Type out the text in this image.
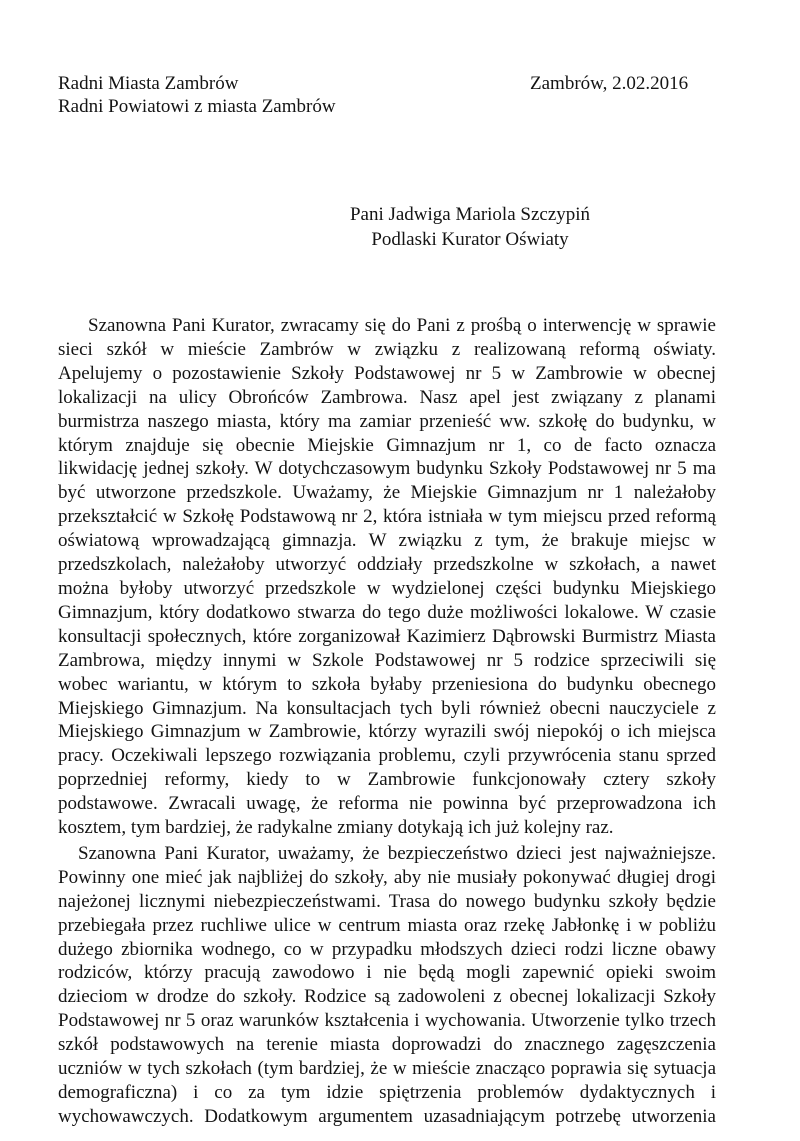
Radni Miasta Zambrów
Radni Powiatowi z miasta Zambrów
Zambrów, 2.02.2016
Pani Jadwiga Mariola Szczypiń
Podlaski Kurator Oświaty
Szanowna Pani Kurator, zwracamy się do Pani z prośbą o interwencję w sprawie
sieci szkół w mieście Zambrów w związku z realizowaną reformą oświaty.
Apelujemy o pozostawienie Szkoły Podstawowej nr 5 w Zambrowie w obecnej
lokalizacji na ulicy Obrońców Zambrowa. Nasz apel jest związany z planami
burmistrza naszego miasta, który ma zamiar przenieść ww. szkołę do budynku, w
którym znajduje się obecnie Miejskie Gimnazjum nr 1, co de facto oznacza
likwidację jednej szkoły. W dotychczasowym budynku Szkoły Podstawowej nr 5 ma
być utworzone przedszkole. Uważamy, że Miejskie Gimnazjum nr 1 należałoby
przekształcić w Szkołę Podstawową nr 2, która istniała w tym miejscu przed reformą
oświatową wprowadzającą gimnazja. W związku z tym, że brakuje miejsc w
przedszkolach, należałoby utworzyć oddziały przedszkolne w szkołach, a nawet
można byłoby utworzyć przedszkole w wydzielonej części budynku Miejskiego
Gimnazjum, który dodatkowo stwarza do tego duże możliwości lokalowe. W czasie
konsultacji społecznych, które zorganizował Kazimierz Dąbrowski Burmistrz Miasta
Zambrowa, między innymi w Szkole Podstawowej nr 5 rodzice sprzeciwili się
wobec wariantu, w którym to szkoła byłaby przeniesiona do budynku obecnego
Miejskiego Gimnazjum. Na konsultacjach tych byli również obecni nauczyciele z
Miejskiego Gimnazjum w Zambrowie, którzy wyrazili swój niepokój o ich miejsca
pracy. Oczekiwali lepszego rozwiązania problemu, czyli przywrócenia stanu sprzed
poprzedniej reformy, kiedy to w Zambrowie funkcjonowały cztery szkoły
podstawowe. Zwracali uwagę, że reforma nie powinna być przeprowadzona ich
kosztem, tym bardziej, że radykalne zmiany dotykają ich już kolejny raz.
Szanowna Pani Kurator, uważamy, że bezpieczeństwo dzieci jest najważniejsze.
Powinny one mieć jak najbliżej do szkoły, aby nie musiały pokonywać długiej drogi
najeżonej licznymi niebezpieczeństwami. Trasa do nowego budynku szkoły będzie
przebiegała przez ruchliwe ulice w centrum miasta oraz rzekę Jabłonkę i w pobliżu
dużego zbiornika wodnego, co w przypadku młodszych dzieci rodzi liczne obawy
rodziców, którzy pracują zawodowo i nie będą mogli zapewnić opieki swoim
dzieciom w drodze do szkoły. Rodzice są zadowoleni z obecnej lokalizacji Szkoły
Podstawowej nr 5 oraz warunków kształcenia i wychowania. Utworzenie tylko trzech
szkół podstawowych na terenie miasta doprowadzi do znacznego zagęszczenia
uczniów w tych szkołach (tym bardziej, że w mieście znacząco poprawia się sytuacja
demograficzna) i co za tym idzie spiętrzenia problemów dydaktycznych i
wychowawczych. Dodatkowym argumentem uzasadniającym potrzebę utworzenia
